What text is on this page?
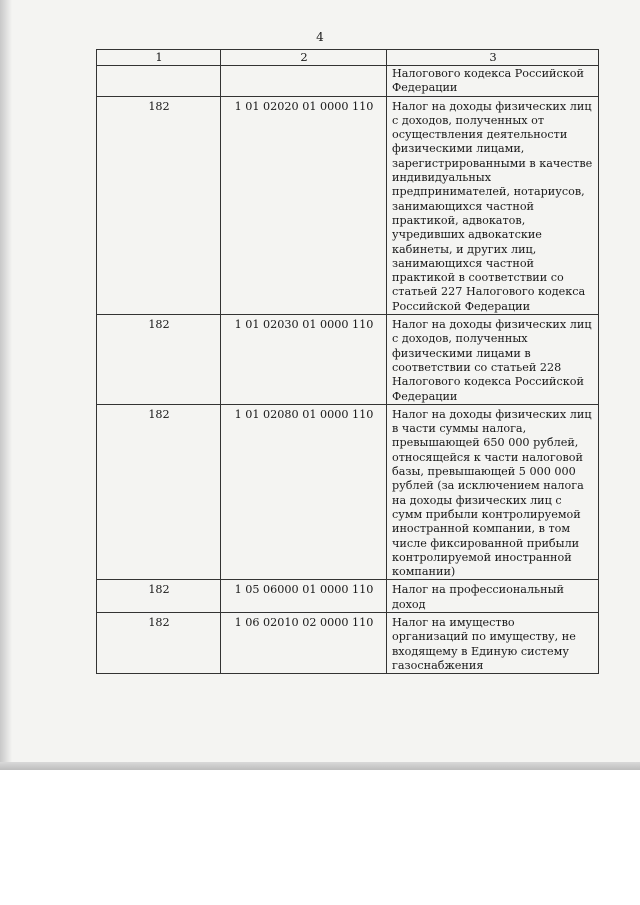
4
1	2	3
		Налогового кодекса Российской Федерации
182	1 01 02020 01 0000 110	Налог на доходы физических лиц с доходов, полученных от осуществления деятельности физическими лицами, зарегистрированными в качестве индивидуальных предпринимателей, нотариусов, занимающихся частной практикой, адвокатов, учредивших адвокатские кабинеты, и других лиц, занимающихся частной практикой в соответствии со статьей 227 Налогового кодекса Российской Федерации
182	1 01 02030 01 0000 110	Налог на доходы физических лиц с доходов, полученных физическими лицами в соответствии со статьей 228 Налогового кодекса Российской Федерации
182	1 01 02080 01 0000 110	Налог на доходы физических лиц в части суммы налога, превышающей 650 000 рублей, относящейся к части налоговой базы, превышающей 5 000 000 рублей (за исключением налога на доходы физических лиц с сумм прибыли контролируемой иностранной компании, в том числе фиксированной прибыли контролируемой иностранной компании)
182	1 05 06000 01 0000 110	Налог на профессиональный доход
182	1 06 02010 02 0000 110	Налог на имущество организаций по имуществу, не входящему в Единую систему газоснабжения
